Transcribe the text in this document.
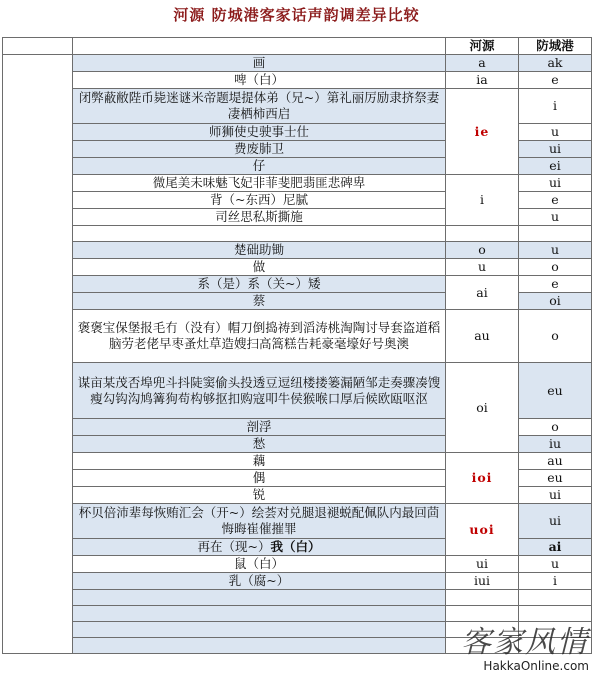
河源 防城港客家话声韵调差异比较
		河源	防城港
	画	a	ak
	啤（白）	ia	e
	闭弊蔽敝陛币毙迷谜米帝题堤提体弟（兄~）第礼丽厉励隶挤祭妻凄栖柿西启	ie	i
	师狮使史驶事士仕		u
	费废肺卫		ui
	仔		ei
	微尾美未味魅飞妃非菲斐肥翡匪悲碑卑	i	ui
	背（~东西）尼腻		e
	司丝思私斯撕施		u

	楚础助锄	o	u
	做	u	o
	系（是）系（关~）矮	ai	e
	蔡		oi
	褒褒宝保堡报毛冇（没有）帽刀倒捣祷到滔涛桃淘陶讨导套盗道稻脑劳老佬早枣蚤灶草造嫂扫高篙糕告耗豪毫壕好号奥澳	au	o
	谋亩某茂否埠兜斗抖陡窦偷头投透豆逗纽楼搂篓漏陋邹走奏骤凑馊瘦勾钩沟鸠篝狗苟构够抠扣购寇叩牛侯猴喉口厚后候欧瓯呕沤	oi	eu
	剖浮		o
	愁		iu
	藕	ioi	au
	偶		eu
	锐		ui
	杯贝倍沛辈每恢贿汇会（开~）绘荟对兑腿退褪蜕配佩队内最回茴悔晦崔催摧罪	uoi	ui
	再在（现~）我（白）		ai
	鼠（白）	ui	u
	乳（腐~）	iui	i

客家风情
HakkaOnline.com
